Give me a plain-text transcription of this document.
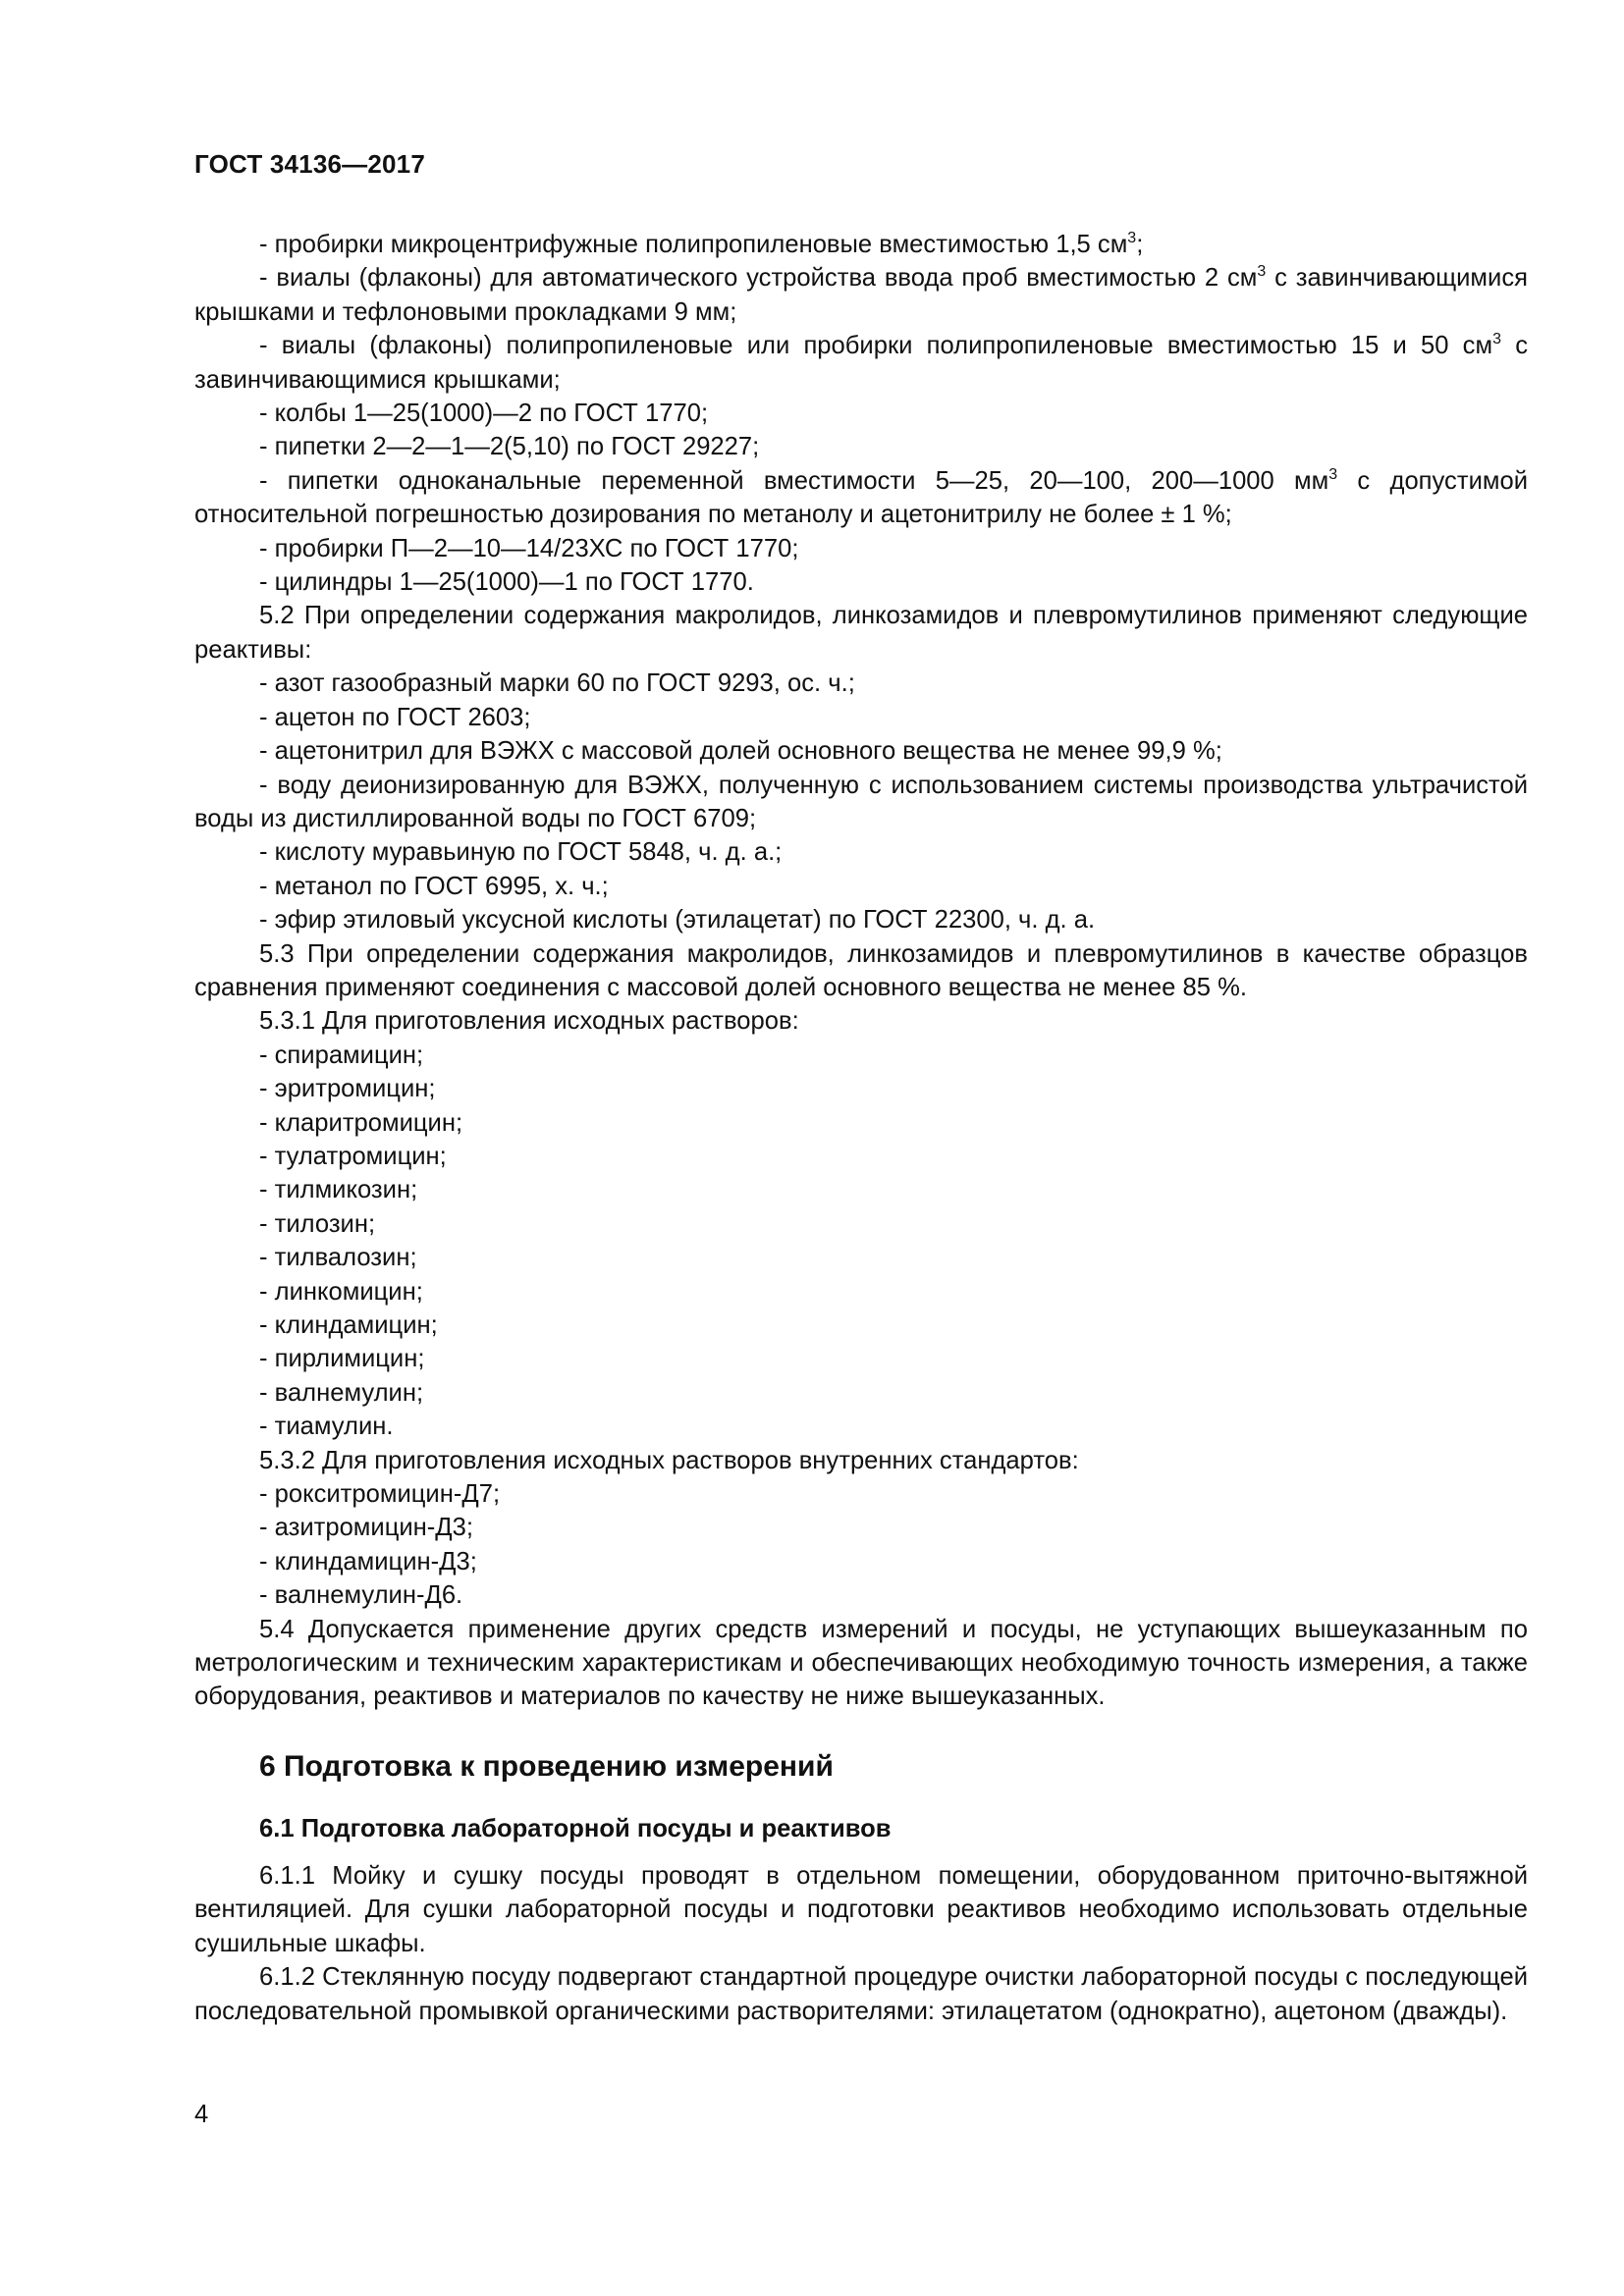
ГОСТ 34136—2017

- пробирки микроцентрифужные полипропиленовые вместимостью 1,5 $см^3$;

- виалы (флаконы) для автоматического устройства ввода проб вместимостью 2 $см^3$ с завинчивающимися крышками и тефлоновыми прокладками 9 мм;

- виалы (флаконы) полипропиленовые или пробирки полипропиленовые вместимостью 15 и 50 $см^3$ с завинчивающимися крышками;

- колбы 1—25(1000)—2 по ГОСТ 1770;

- пипетки 2—2—1—2(5,10) по ГОСТ 29227;

- пипетки одноканальные переменной вместимости 5—25, 20—100, 200—1000 $мм^3$ с допустимой относительной погрешностью дозирования по метанолу и ацетонитрилу не более ± 1 %;

- пробирки П—2—10—14/23ХС по ГОСТ 1770;

- цилиндры 1—25(1000)—1 по ГОСТ 1770.

5.2 При определении содержания макролидов, линкозамидов и плевромутилинов применяют следующие реактивы:

- азот газообразный марки 60 по ГОСТ 9293, ос. ч.;

- ацетон по ГОСТ 2603;

- ацетонитрил для ВЭЖХ с массовой долей основного вещества не менее 99,9 %;

- воду деионизированную для ВЭЖХ, полученную с использованием системы производства ультрачистой воды из дистиллированной воды по ГОСТ 6709;

- кислоту муравьиную по ГОСТ 5848, ч. д. а.;

- метанол по ГОСТ 6995, х. ч.;

- эфир этиловый уксусной кислоты (этилацетат) по ГОСТ 22300, ч. д. а.

5.3 При определении содержания макролидов, линкозамидов и плевромутилинов в качестве образцов сравнения применяют соединения с массовой долей основного вещества не менее 85 %.

5.3.1 Для приготовления исходных растворов:

- спирамицин;

- эритромицин;

- кларитромицин;

- тулатромицин;

- тилмикозин;

- тилозин;

- тилвалозин;

- линкомицин;

- клиндамицин;

- пирлимицин;

- валнемулин;

- тиамулин.

5.3.2 Для приготовления исходных растворов внутренних стандартов:

- рокситромицин-Д7;

- азитромицин-Д3;

- клиндамицин-Д3;

- валнемулин-Д6.

5.4 Допускается применение других средств измерений и посуды, не уступающих вышеуказанным по метрологическим и техническим характеристикам и обеспечивающих необходимую точность измерения, а также оборудования, реактивов и материалов по качеству не ниже вышеуказанных.

6 Подготовка к проведению измерений
6.1 Подготовка лабораторной посуды и реактивов

6.1.1 Мойку и сушку посуды проводят в отдельном помещении, оборудованном приточно-вытяжной вентиляцией. Для сушки лабораторной посуды и подготовки реактивов необходимо использовать отдельные сушильные шкафы.

6.1.2 Стеклянную посуду подвергают стандартной процедуре очистки лабораторной посуды с последующей последовательной промывкой органическими растворителями: этилацетатом (однократно), ацетоном (дважды).

4
